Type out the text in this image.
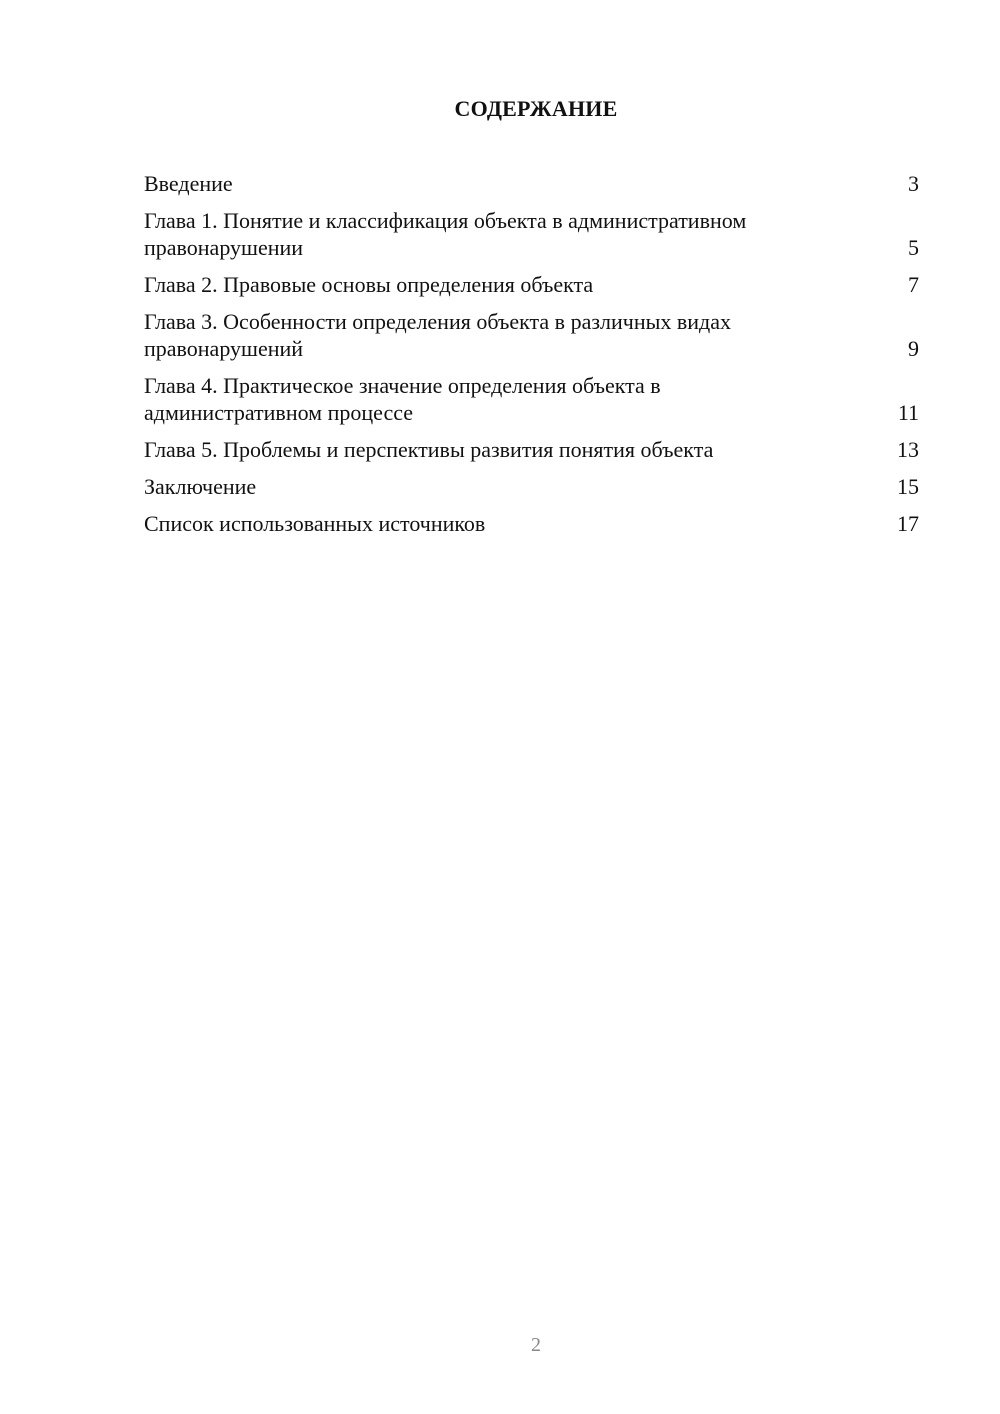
СОДЕРЖАНИЕ
Введение	3
Глава 1. Понятие и классификация объекта в административном правонарушении	5
Глава 2. Правовые основы определения объекта	7
Глава 3. Особенности определения объекта в различных видах правонарушений	9
Глава 4. Практическое значение определения объекта в административном процессе	11
Глава 5. Проблемы и перспективы развития понятия объекта	13
Заключение	15
Список использованных источников	17
2
